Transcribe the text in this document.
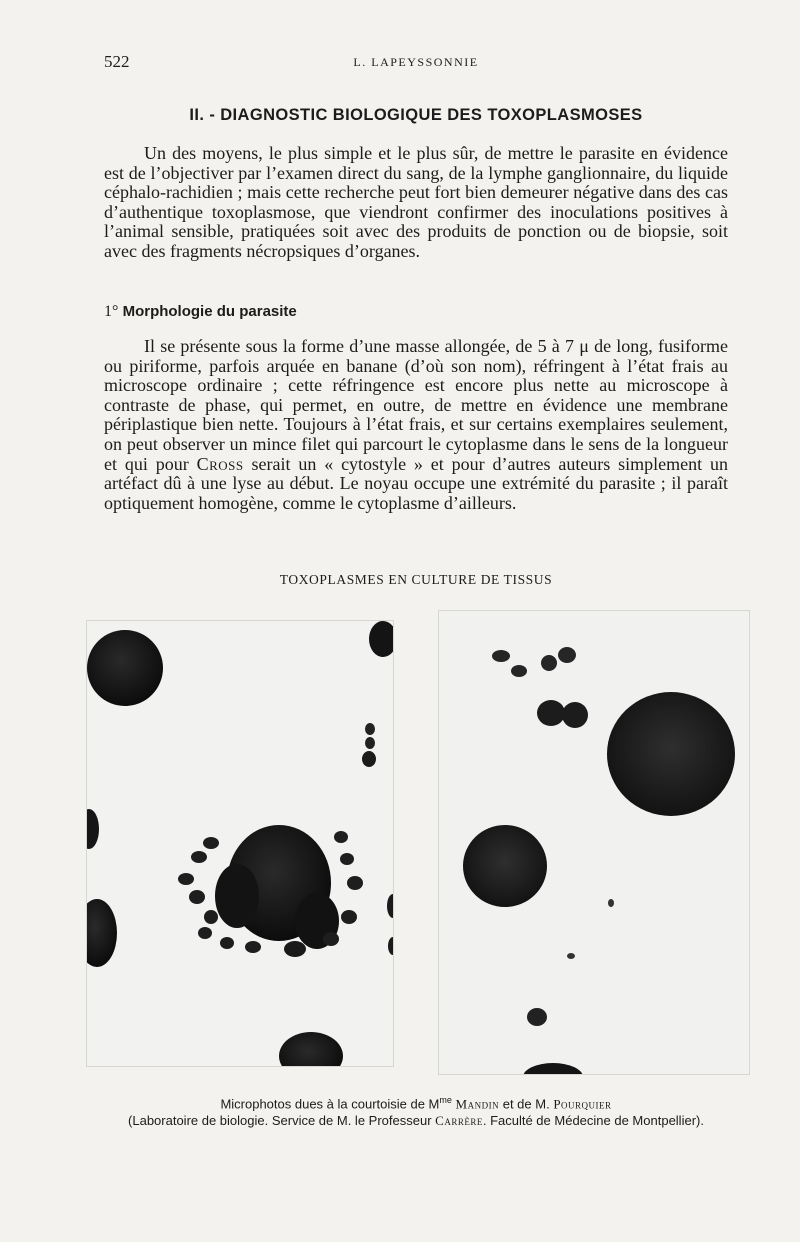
522	L. LAPEYSSONNIE
II. - DIAGNOSTIC BIOLOGIQUE DES TOXOPLASMOSES

Un des moyens, le plus simple et le plus sûr, de mettre le parasite en évidence est de l’objectiver par l’examen direct du sang, de la lymphe ganglionnaire, du liquide céphalo-rachidien ; mais cette recherche peut fort bien demeurer négative dans des cas d’authentique toxoplasmose, que viendront confirmer des inoculations positives à l’animal sensible, pratiquées soit avec des produits de ponction ou de biopsie, soit avec des fragments nécropsiques d’organes.

1° Morphologie du parasite

Il se présente sous la forme d’une masse allongée, de 5 à 7 μ de long, fusiforme ou piriforme, parfois arquée en banane (d’où son nom), réfringent à l’état frais au microscope ordinaire ; cette réfringence est encore plus nette au microscope à contraste de phase, qui permet, en outre, de mettre en évidence une membrane périplastique bien nette. Toujours à l’état frais, et sur certains exemplaires seulement, on peut observer un mince filet qui parcourt le cytoplasme dans le sens de la longueur et qui pour Cross serait un « cytostyle » et pour d’autres auteurs simplement un artéfact dû à une lyse au début. Le noyau occupe une extrémité du parasite ; il paraît optiquement homogène, comme le cytoplasme d’ailleurs.

TOXOPLASMES EN CULTURE DE TISSUS
Microphotos dues à la courtoisie de $M^{me}$ Mandin et de M. Pourquier
(Laboratoire de biologie. Service de M. le Professeur Carrère. Faculté de Médecine de Montpellier).
